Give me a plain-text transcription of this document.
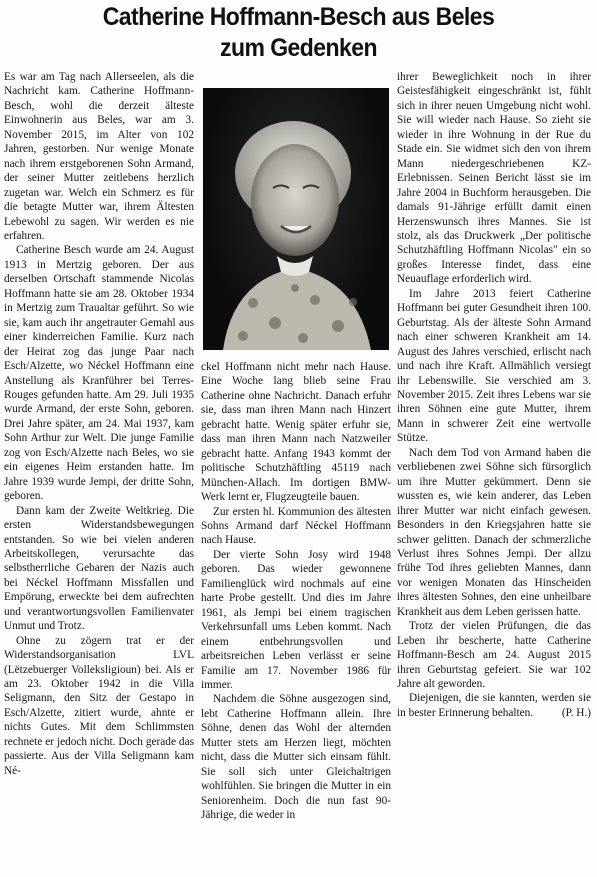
Catherine Hoffmann-Besch aus Beles
zum Gedenken

Es war am Tag nach Allerseelen, als die Nachricht kam. Catherine Hoffmann-Besch, wohl die derzeit älteste Einwohnerin aus Beles, war am 3. November 2015, im Alter von 102 Jahren, gestorben. Nur wenige Monate nach ihrem erstgeborenen Sohn Armand, der seiner Mutter zeitlebens herzlich zugetan war. Welch ein Schmerz es für die betagte Mutter war, ihrem Ältesten Lebewohl zu sagen. Wir werden es nie erfahren.

Catherine Besch wurde am 24. August 1913 in Mertzig geboren. Der aus derselben Ortschaft stammende Nicolas Hoffmann hatte sie am 28. Oktober 1934 in Mertzig zum Traualtar geführt. So wie sie, kam auch ihr angetrauter Gemahl aus einer kinderreichen Familie. Kurz nach der Heirat zog das junge Paar nach Esch/Alzette, wo Néckel Hoffmann eine Anstellung als Kranführer bei Terres-Rouges gefunden hatte. Am 29. Juli 1935 wurde Armand, der erste Sohn, geboren. Drei Jahre später, am 24. Mai 1937, kam Sohn Arthur zur Welt. Die junge Familie zog von Esch/Alzette nach Beles, wo sie ein eigenes Heim erstanden hatte. Im Jahre 1939 wurde Jempi, der dritte Sohn, geboren.

Dann kam der Zweite Weltkrieg. Die ersten Widerstandsbewegungen entstanden. So wie bei vielen anderen Arbeitskollegen, verursachte das selbstherrliche Gebaren der Nazis auch bei Néckel Hoffmann Missfallen und Empörung, erweckte bei dem aufrechten und verantwortungsvollen Familienvater Unmut und Trotz.

Ohne zu zögern trat er der Widerstandsorganisation LVL (Lëtzebuerger Volleksligioun) bei. Als er am 23. Oktober 1942 in die Villa Seligmann, den Sitz der Gestapo in Esch/Alzette, zitiert wurde, ahnte er nichts Gutes. Mit dem Schlimmsten rechnete er jedoch nicht. Doch gerade das passierte. Aus der Villa Seligmann kam Né-

ckel Hoffmann nicht mehr nach Hause. Eine Woche lang blieb seine Frau Catherine ohne Nachricht. Danach erfuhr sie, dass man ihren Mann nach Hinzert gebracht hatte. Wenig später erfuhr sie, dass man ihren Mann nach Natzweiler gebracht hatte. Anfang 1943 kommt der politische Schutzhäftling 45119 nach München-Allach. Im dortigen BMW-Werk lernt er, Flugzeugteile bauen.

Zur ersten hl. Kommunion des ältesten Sohns Armand darf Néckel Hoffmann nach Hause.

Der vierte Sohn Josy wird 1948 geboren. Das wieder gewonnene Familienglück wird nochmals auf eine harte Probe gestellt. Und dies im Jahre 1961, als Jempi bei einem tragischen Verkehrsunfall ums Leben kommt. Nach einem entbehrungsvollen und arbeitsreichen Leben verlässt er seine Familie am 17. November 1986 für immer.

Nachdem die Söhne ausgezogen sind, lebt Catherine Hoffmann allein. Ihre Söhne, denen das Wohl der alternden Mutter stets am Herzen liegt, möchten nicht, dass die Mutter sich einsam fühlt. Sie soll sich unter Gleichaltrigen wohlfühlen. Sie bringen die Mutter in ein Seniorenheim. Doch die nun fast 90-Jährige, die weder in

ihrer Beweglichkeit noch in ihrer Geistesfähigkeit eingeschränkt ist, fühlt sich in ihrer neuen Umgebung nicht wohl. Sie will wieder nach Hause. So zieht sie wieder in ihre Wohnung in der Rue du Stade ein. Sie widmet sich den von ihrem Mann niedergeschriebenen KZ-Erlebnissen. Seinen Bericht lässt sie im Jahre 2004 in Buchform herausgeben. Die damals 91-Jährige erfüllt damit einen Herzenswunsch ihres Mannes. Sie ist stolz, als das Druckwerk „Der politische Schutzhäftling Hoffmann Nicolas" ein so großes Interesse findet, dass eine Neuauflage erforderlich wird.

Im Jahre 2013 feiert Catherine Hoffmann bei guter Gesundheit ihren 100. Geburtstag. Als der älteste Sohn Armand nach einer schweren Krankheit am 14. August des Jahres verschied, erlischt nach und nach ihre Kraft. Allmählich versiegt ihr Lebenswille. Sie verschied am 3. November 2015. Zeit ihres Lebens war sie ihren Söhnen eine gute Mutter, ihrem Mann in schwerer Zeit eine wertvolle Stütze.

Nach dem Tod von Armand haben die verbliebenen zwei Söhne sich fürsorglich um ihre Mutter gekümmert. Denn sie wussten es, wie kein anderer, das Leben ihrer Mutter war nicht einfach gewesen. Besonders in den Kriegsjahren hatte sie schwer gelitten. Danach der schmerzliche Verlust ihres Sohnes Jempi. Der allzu frühe Tod ihres geliebten Mannes, dann vor wenigen Monaten das Hinscheiden ihres ältesten Sohnes, den eine unheilbare Krankheit aus dem Leben gerissen hatte.

Trotz der vielen Prüfungen, die das Leben ihr bescherte, hatte Catherine Hoffmann-Besch am 24. August 2015 ihren Geburtstag gefeiert. Sie war 102 Jahre alt geworden.

Diejenigen, die sie kannten, werden sie in bester Erinnerung behalten.	(P. H.)
